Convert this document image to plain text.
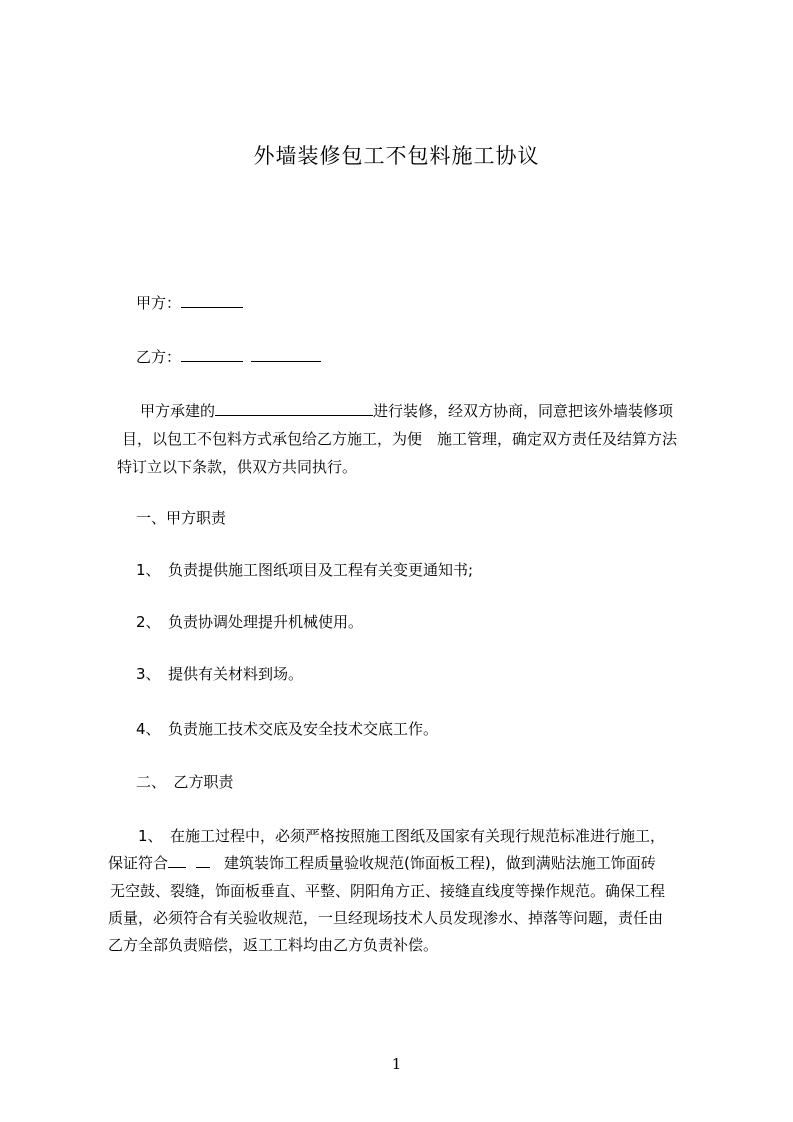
外墙装修包工不包料施工协议
甲方：
乙方：
甲方承建的	进行装修，经双方协商，同意把该外墙装修项
目，以包工不包料方式承包给乙方施工，为便　施工管理，确定双方责任及结算方法
特订立以下条款，供双方共同执行。
一、甲方职责
1、　负责提供施工图纸项目及工程有关变更通知书;
2、　负责协调处理提升机械使用。
3、　提供有关材料到场。
4、　负责施工技术交底及安全技术交底工作。
二、　乙方职责
1、　在施工过程中，必须严格按照施工图纸及国家有关现行规范标准进行施工，
保证符合	建筑装饰工程质量验收规范(饰面板工程)，做到满贴法施工饰面砖
无空鼓、裂缝，饰面板垂直、平整、阴阳角方正、接缝直线度等操作规范。确保工程
质量，必须符合有关验收规范，一旦经现场技术人员发现渗水、掉落等问题，责任由
乙方全部负责赔偿，返工工料均由乙方负责补偿。
1
